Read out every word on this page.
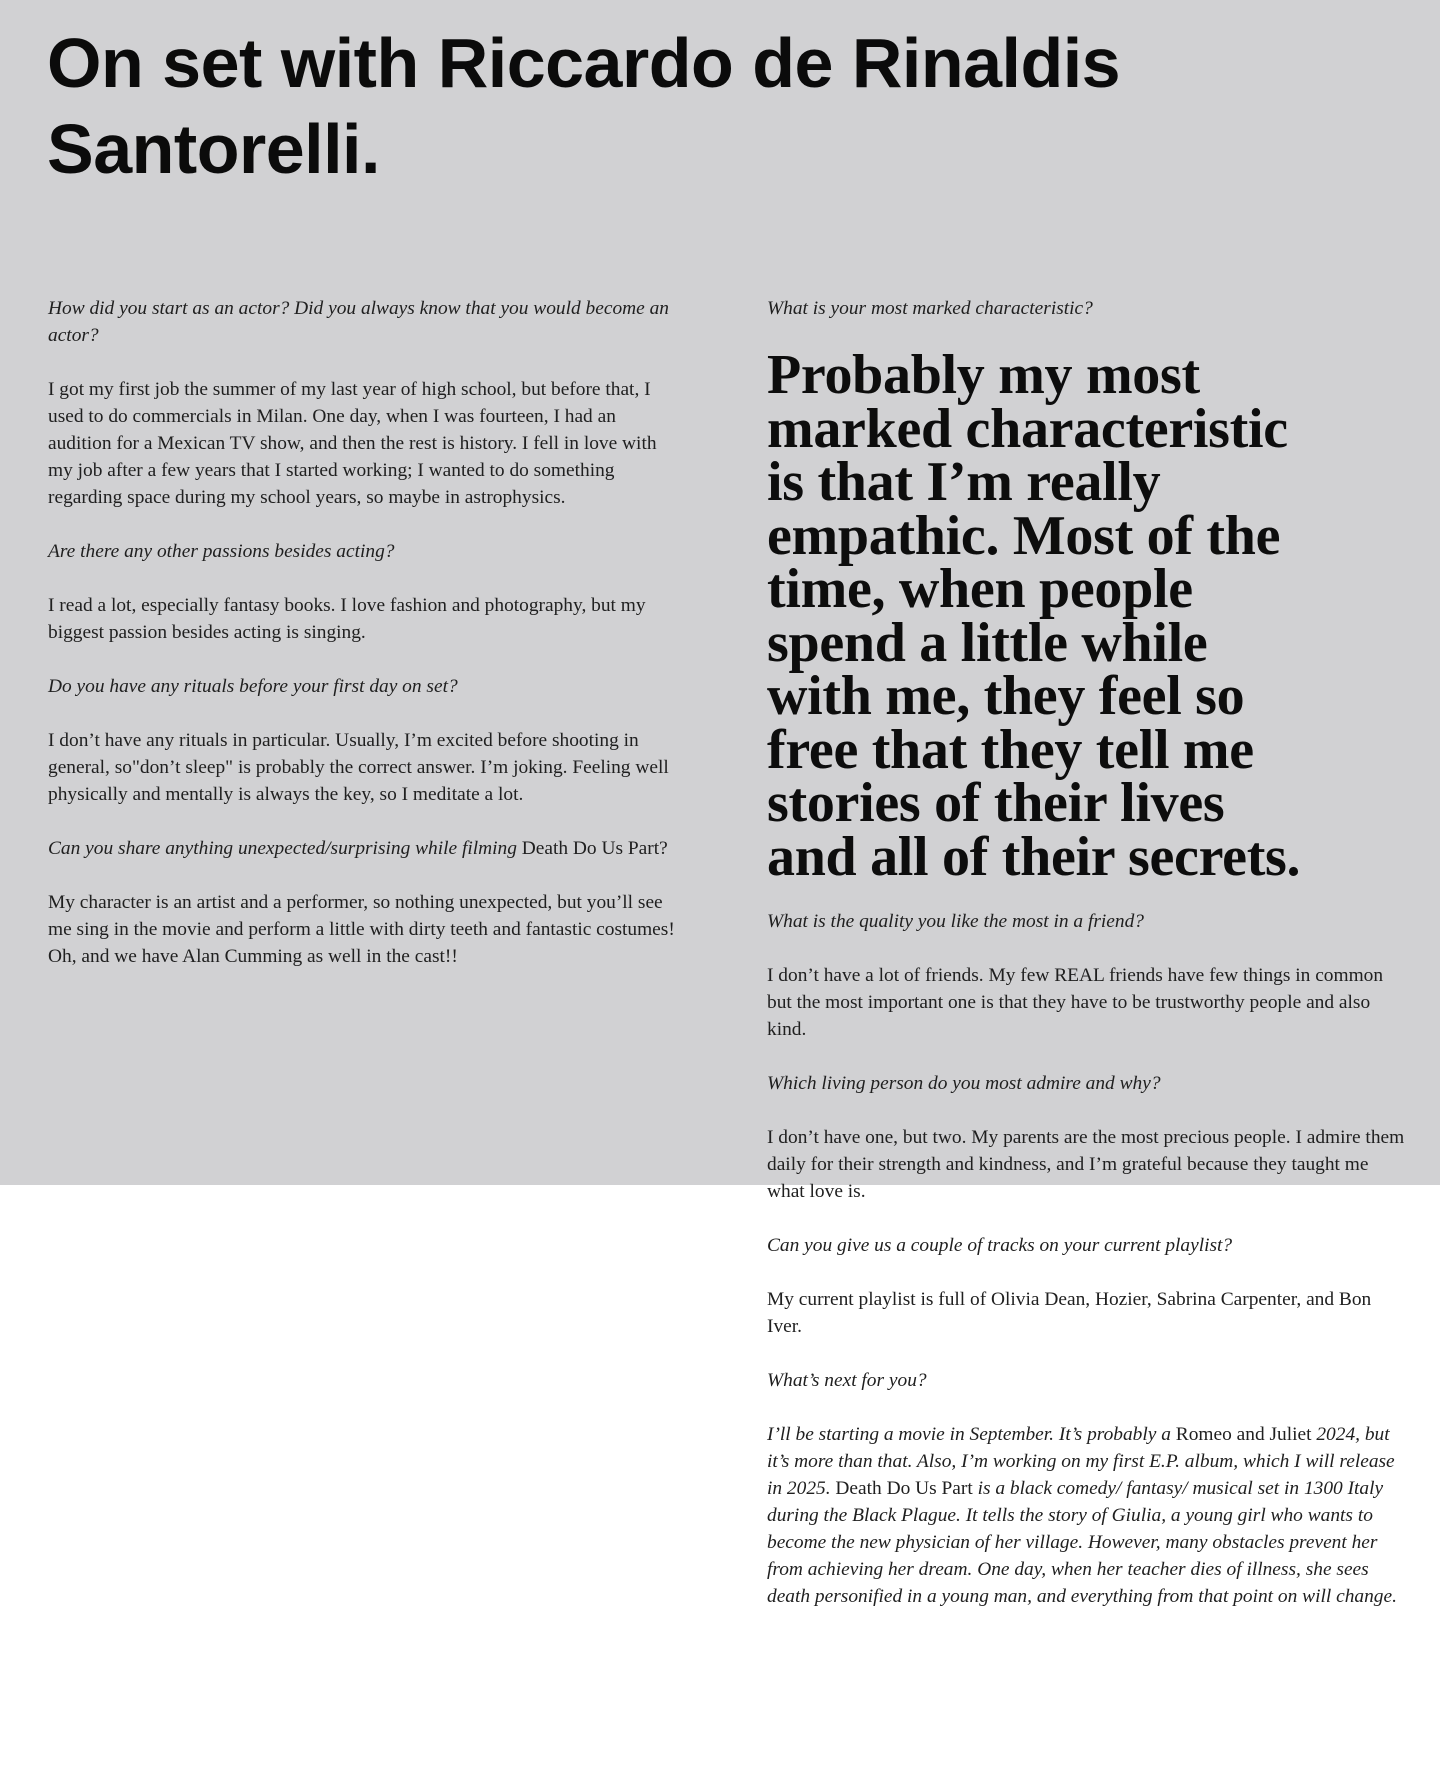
On set with Riccardo de Rinaldis
Santorelli.

How did you start as an actor? Did you always know that you would become an actor?

I got my first job the summer of my last year of high school, but before that, I used to do commercials in Milan. One day, when I was fourteen, I had an audition for a Mexican TV show, and then the rest is history. I fell in love with my job after a few years that I started working; I wanted to do something regarding space during my school years, so maybe in astrophysics.

Are there any other passions besides acting?

I read a lot, especially fantasy books. I love fashion and photography, but my biggest passion besides acting is singing.

Do you have any rituals before your first day on set?

I don’t have any rituals in particular. Usually, I’m excited before shooting in general, so"don’t sleep" is probably the correct answer. I’m joking. Feeling well physically and mentally is always the key, so I meditate a lot.

Can you share anything unexpected/surprising while filming Death Do Us Part?

My character is an artist and a performer, so nothing unexpected, but you’ll see me sing in the movie and perform a little with dirty teeth and fantastic costumes! Oh, and we have Alan Cumming as well in the cast!!

What is your most marked characteristic?

Probably my most
marked characteristic
is that I’m really
empathic. Most of the
time, when people
spend a little while
with me, they feel so
free that they tell me
stories of their lives
and all of their secrets.

What is the quality you like the most in a friend?

I don’t have a lot of friends. My few REAL friends have few things in common but the most important one is that they have to be trustworthy people and also kind.

Which living person do you most admire and why?

I don’t have one, but two. My parents are the most precious people. I admire them daily for their strength and kindness, and I’m grateful because they taught me what love is.

Can you give us a couple of tracks on your current playlist?

My current playlist is full of Olivia Dean, Hozier, Sabrina Carpenter, and Bon Iver.

What’s next for you?

I’ll be starting a movie in September. It’s probably a Romeo and Juliet 2024, but it’s more than that. Also, I’m working on my first E.P. album, which I will release in 2025. Death Do Us Part is a black comedy/ fantasy/ musical set in 1300 Italy during the Black Plague. It tells the story of Giulia, a young girl who wants to become the new physician of her village. However, many obstacles prevent her from achieving her dream. One day, when her teacher dies of illness, she sees death personified in a young man, and everything from that point on will change.
